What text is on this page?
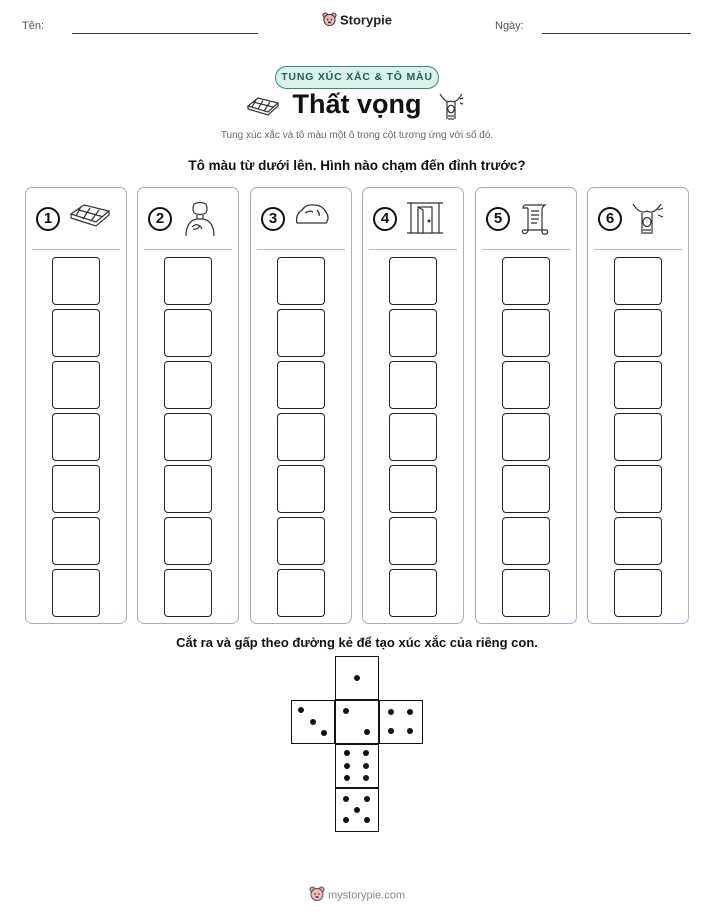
Tên:	Storypie	Ngày:
TUNG XÚC XẮC & TÔ MÀU
Thất vọng
Tung xúc xắc và tô màu một ô trong cột tương ứng với số đó.
Tô màu từ dưới lên. Hình nào chạm đến đỉnh trước?
1	2	3	4	5	6
Cắt ra và gấp theo đường kẻ để tạo xúc xắc của riêng con.
mystorypie.com
